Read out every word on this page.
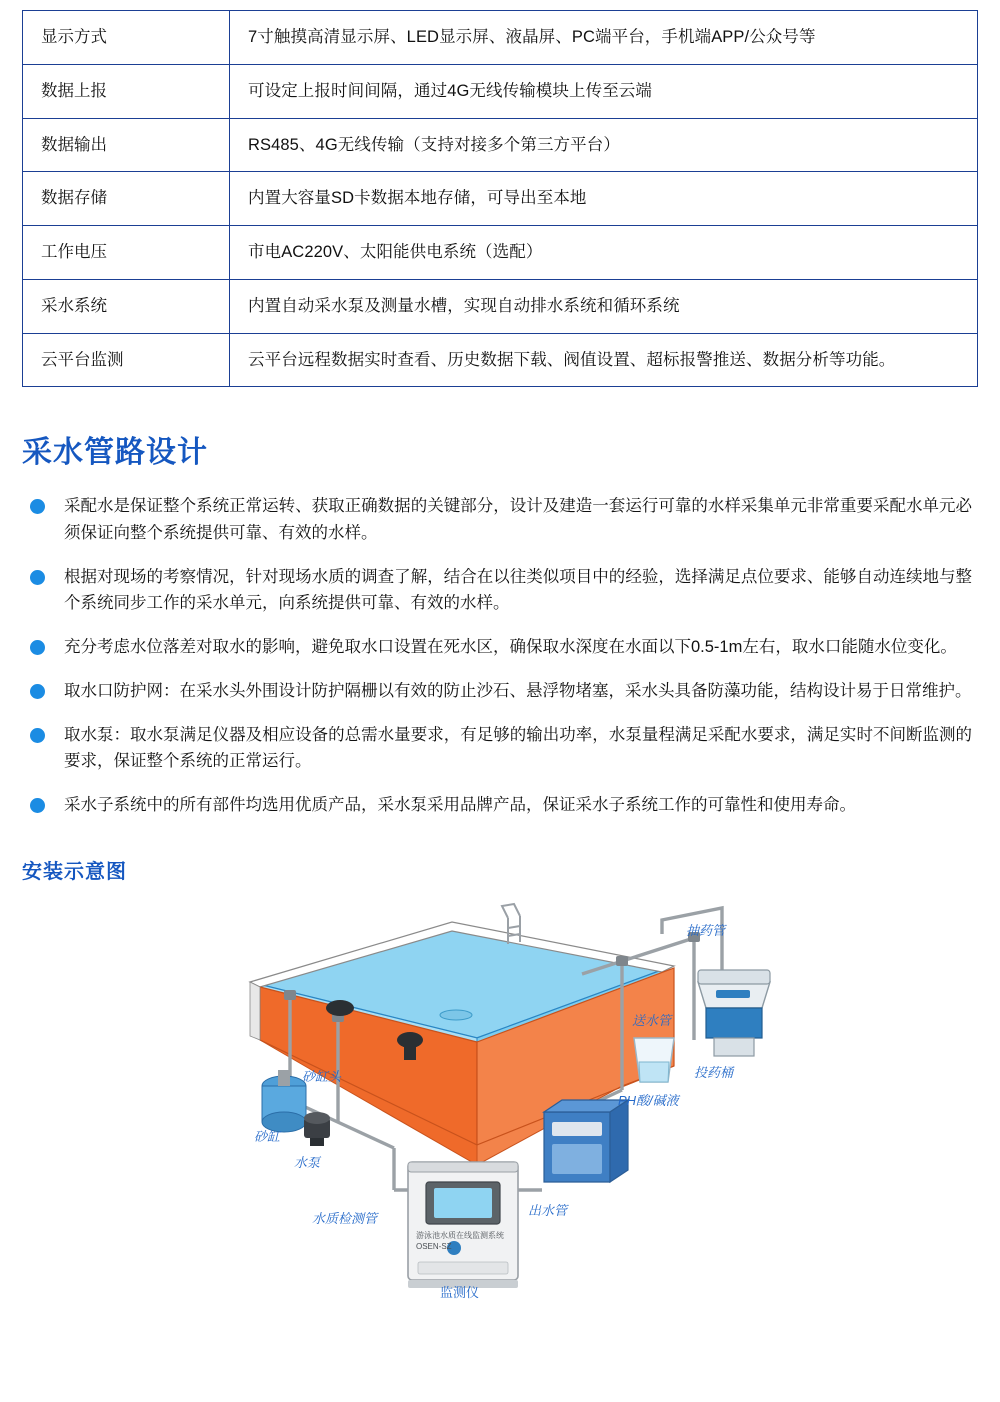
显示方式	7寸触摸高清显示屏、LED显示屏、液晶屏、PC端平台，手机端APP/公众号等
数据上报	可设定上报时间间隔，通过4G无线传输模块上传至云端
数据输出	RS485、4G无线传输（支持对接多个第三方平台）
数据存储	内置大容量SD卡数据本地存储，可导出至本地
工作电压	市电AC220V、太阳能供电系统（选配）
采水系统	内置自动采水泵及测量水槽，实现自动排水系统和循环系统
云平台监测	云平台远程数据实时查看、历史数据下载、阀值设置、超标报警推送、数据分析等功能。
采水管路设计
采配水是保证整个系统正常运转、获取正确数据的关键部分，设计及建造一套运行可靠的水样采集单元非常重要采配水单元必须保证向整个系统提供可靠、有效的水样。
根据对现场的考察情况，针对现场水质的调查了解，结合在以往类似项目中的经验，选择满足点位要求、能够自动连续地与整个系统同步工作的采水单元，向系统提供可靠、有效的水样。
充分考虑水位落差对取水的影响，避免取水口设置在死水区，确保取水深度在水面以下0.5-1m左右，取水口能随水位变化。
取水口防护网：在采水头外围设计防护隔栅以有效的防止沙石、悬浮物堵塞，采水头具备防藻功能，结构设计易于日常维护。
取水泵：取水泵满足仪器及相应设备的总需水量要求，有足够的输出功率，水泵量程满足采配水要求，满足实时不间断监测的要求，保证整个系统的正常运行。
采水子系统中的所有部件均选用优质产品，采水泵采用品牌产品，保证采水子系统工作的可靠性和使用寿命。
安装示意图
抽药管
送水管
投药桶
PH酸/碱液
砂缸头
砂缸
水泵
水质检测管
出水管
监测仪
游泳池水质在线监测系统
OSEN-SZ
